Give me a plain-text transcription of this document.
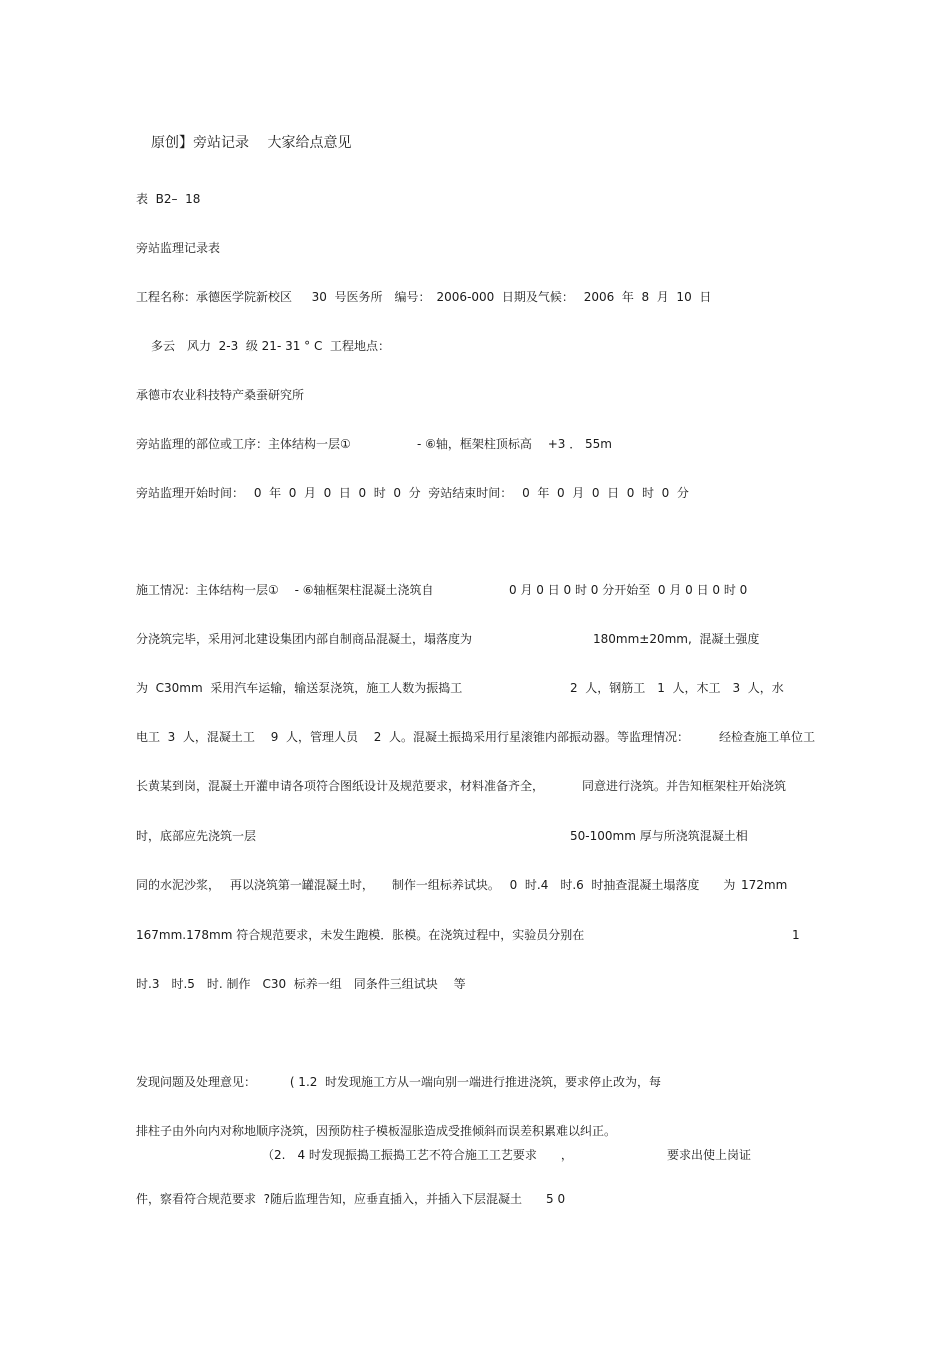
原创】旁站记录　 大家给点意见
表  B2–  18
旁站监理记录表
工程名称：承德医学院新校区　  30  号医务所　编号：　2006-000  日期及气候：　 2006  年  8  月  10  日
多云　风力  2-3  级 21- 31 ° C  工程地点：
承德市农业科技特产桑蚕研究所
旁站监理的部位或工序：主体结构一层①	- ⑥轴，框架柱顶标高　 +3 ． 55m
旁站监理开始时间：　 0  年  0  月  0  日  0  时  0  分  旁站结束时间：　 0  年  0  月  0  日  0  时  0  分
施工情况：主体结构一层①　 - ⑥轴框架柱混凝土浇筑自	0 月 0 日 0 时 0 分开始至  0 月 0 日 0 时 0
分浇筑完毕，采用河北建设集团内部自制商品混凝土，塌落度为	180mm±20mm,  混凝土强度
为  C30mm  采用汽车运输，输送泵浇筑，施工人数为振捣工	2  人，钢筋工　1  人，木工　3  人，水
电工  3  人，混凝土工　 9  人，管理人员　 2  人。混凝土振捣采用行星滚锥内部振动器。等监理情况：　　　经检查施工单位工
长黄某到岗，混凝土开灌申请各项符合图纸设计及规范要求，材料准备齐全，	同意进行浇筑。并告知框架柱开始浇筑
时，底部应先浇筑一层	50-100mm 厚与所浇筑混凝土相
同的水泥沙浆，　 再以浇筑第一罐混凝土时，　　制作一组标养试块。　 0  时.4　时.6  时抽查混凝土塌落度　　为 172mm
167mm.178mm 符合规范要求，未发生跑模．胀模。在浇筑过程中，实验员分别在	1
时.3　时.5　时. 制作　C30  标养一组　同条件三组试块　 等
发现问题及处理意见：　　　 ( 1.2  时发现施工方从一端向别一端进行推进浇筑，要求停止改为，每
排柱子由外向内对称地顺序浇筑，因预防柱子模板湿胀造成受推倾斜而误差积累难以纠正。
（2.　4 时发现振搗工振搗工艺不符合施工工艺要求　　，	要求出使上岗证
件，察看符合规范要求  ?随后监理告知，应垂直插入，并插入下层混凝土　　5 0
